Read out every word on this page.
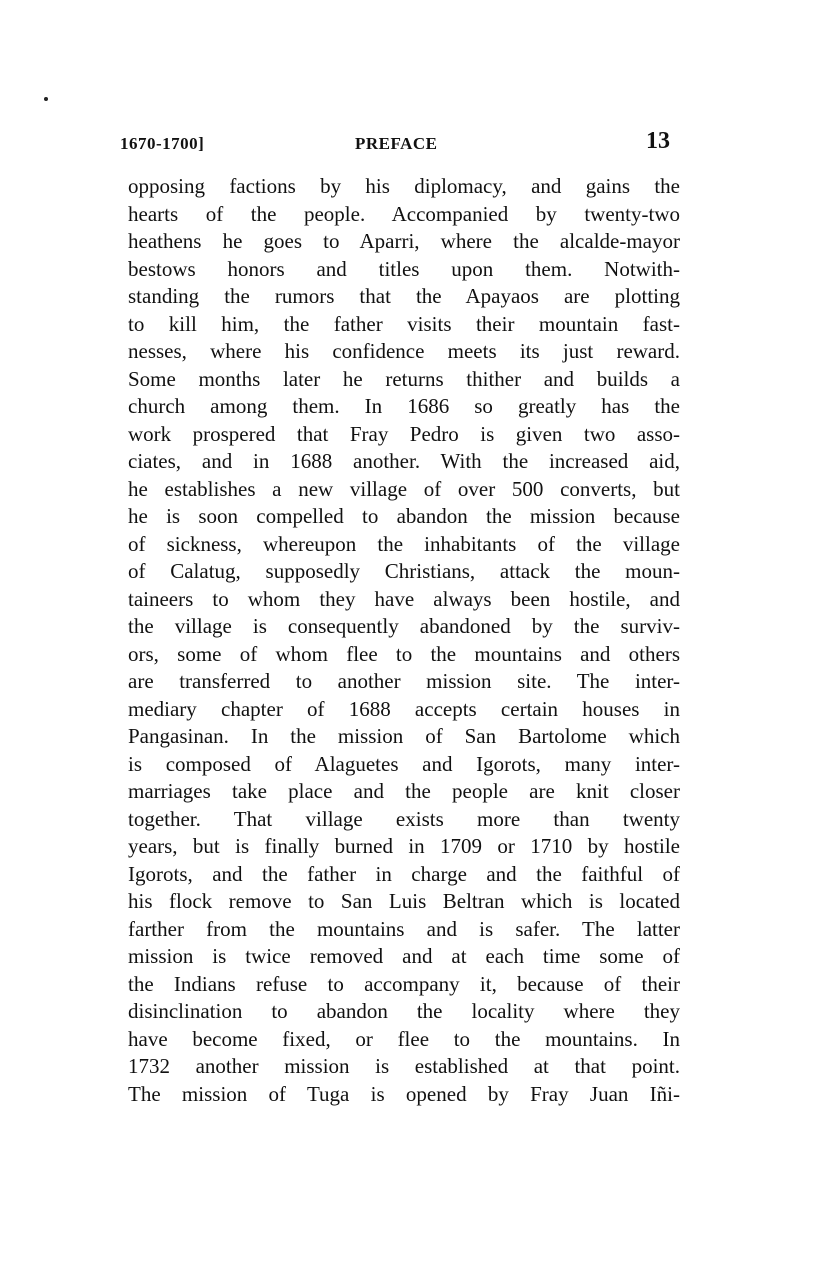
1670-1700]	PREFACE	13
opposing factions by his diplomacy, and gains the
hearts of the people. Accompanied by twenty-two
heathens he goes to Aparri, where the alcalde-mayor
bestows honors and titles upon them. Notwith-
standing the rumors that the Apayaos are plotting
to kill him, the father visits their mountain fast-
nesses, where his confidence meets its just reward.
Some months later he returns thither and builds a
church among them. In 1686 so greatly has the
work prospered that Fray Pedro is given two asso-
ciates, and in 1688 another. With the increased aid,
he establishes a new village of over 500 converts, but
he is soon compelled to abandon the mission because
of sickness, whereupon the inhabitants of the village
of Calatug, supposedly Christians, attack the moun-
taineers to whom they have always been hostile, and
the village is consequently abandoned by the surviv-
ors, some of whom flee to the mountains and others
are transferred to another mission site. The inter-
mediary chapter of 1688 accepts certain houses in
Pangasinan. In the mission of San Bartolome which
is composed of Alaguetes and Igorots, many inter-
marriages take place and the people are knit closer
together. That village exists more than twenty
years, but is finally burned in 1709 or 1710 by hostile
Igorots, and the father in charge and the faithful of
his flock remove to San Luis Beltran which is located
farther from the mountains and is safer. The latter
mission is twice removed and at each time some of
the Indians refuse to accompany it, because of their
disinclination to abandon the locality where they
have become fixed, or flee to the mountains. In
1732 another mission is established at that point.
The mission of Tuga is opened by Fray Juan Iñi-
